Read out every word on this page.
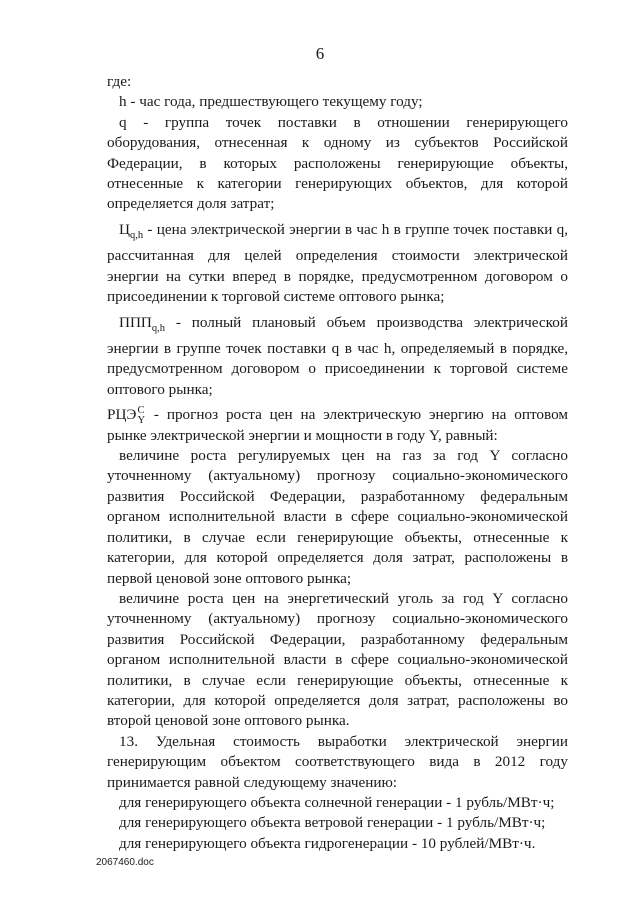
6

где:

h - час года, предшествующего текущему году;

q - группа точек поставки в отношении генерирующего оборудования, отнесенная к одному из субъектов Российской Федерации, в которых расположены генерирующие объекты, отнесенные к категории генерирующих объектов, для которой определяется доля затрат;

$Ц_{q,h}$ - цена электрической энергии в час h в группе точек поставки q, рассчитанная для целей определения стоимости электрической энергии на сутки вперед в порядке, предусмотренном договором о присоединении к торговой системе оптового рынка;

$ППП_{q,h}$ - полный плановый объем производства электрической энергии в группе точек поставки q в час h, определяемый в порядке, предусмотренном договором о присоединении к торговой системе оптового рынка;

РЦЭ С
Y - прогноз роста цен на электрическую энергию на оптовом рынке электрической энергии и мощности в году Y, равный:

величине роста регулируемых цен на газ за год Y согласно уточненному (актуальному) прогнозу социально-экономического развития Российской Федерации, разработанному федеральным органом исполнительной власти в сфере социально-экономической политики, в случае если генерирующие объекты, отнесенные к категории, для которой определяется доля затрат, расположены в первой ценовой зоне оптового рынка;

величине роста цен на энергетический уголь за год Y согласно уточненному (актуальному) прогнозу социально-экономического развития Российской Федерации, разработанному федеральным органом исполнительной власти в сфере социально-экономической политики, в случае если генерирующие объекты, отнесенные к категории, для которой определяется доля затрат, расположены во второй ценовой зоне оптового рынка.

13. Удельная стоимость выработки электрической энергии генерирующим объектом соответствующего вида в 2012 году принимается равной следующему значению:

для генерирующего объекта солнечной генерации - 1 рубль/МВт·ч;

для генерирующего объекта ветровой генерации - 1 рубль/МВт·ч;

для генерирующего объекта гидрогенерации - 10 рублей/МВт·ч.

2067460.doc
